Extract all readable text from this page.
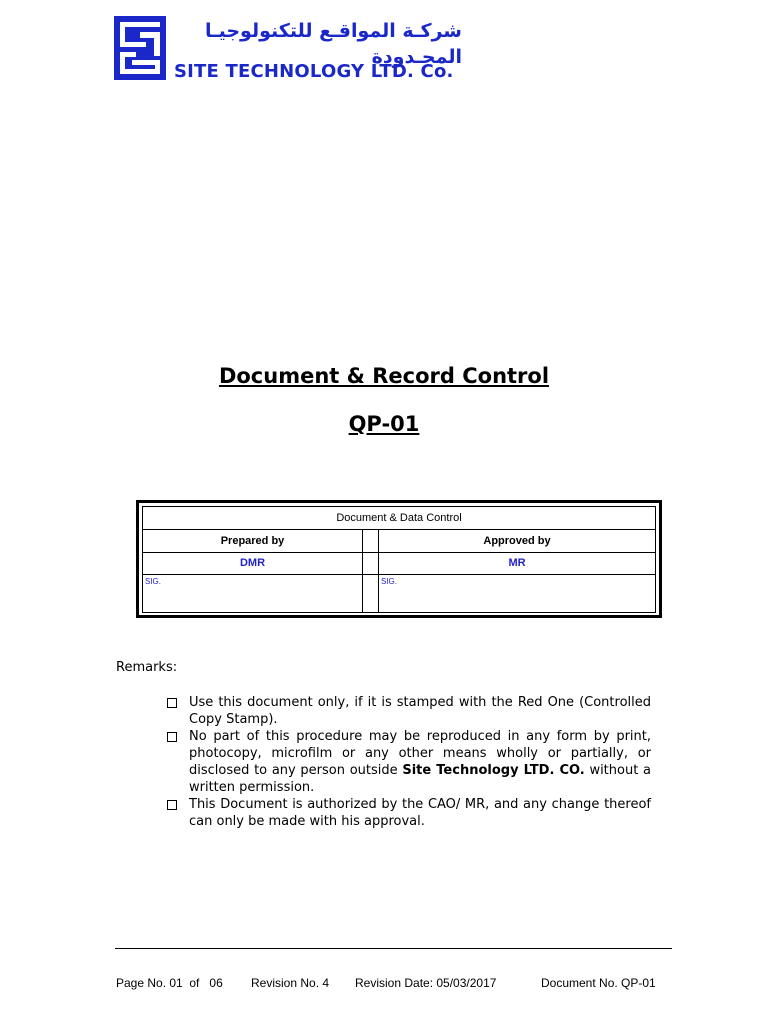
شركـة المواقـع للتكنولوجيـا المحـدودة
SITE TECHNOLOGY LTD. Co.
Document & Record Control
QP-01
Document & Data Control
Prepared by
DMR
SIG.
Approved by
MR
SIG.
Remarks:
Use this document only, if it is stamped with the Red One (Controlled Copy Stamp).
No part of this procedure may be reproduced in any form by print, photocopy, microfilm or any other means wholly or partially, or disclosed to any person outside Site Technology LTD. CO. without a written permission.
This Document is authorized by the CAO/ MR, and any change thereof can only be made with his approval.
Page No. 01  of   06 Revision No. 4 Revision Date: 05/03/2017	Document No. QP-01
